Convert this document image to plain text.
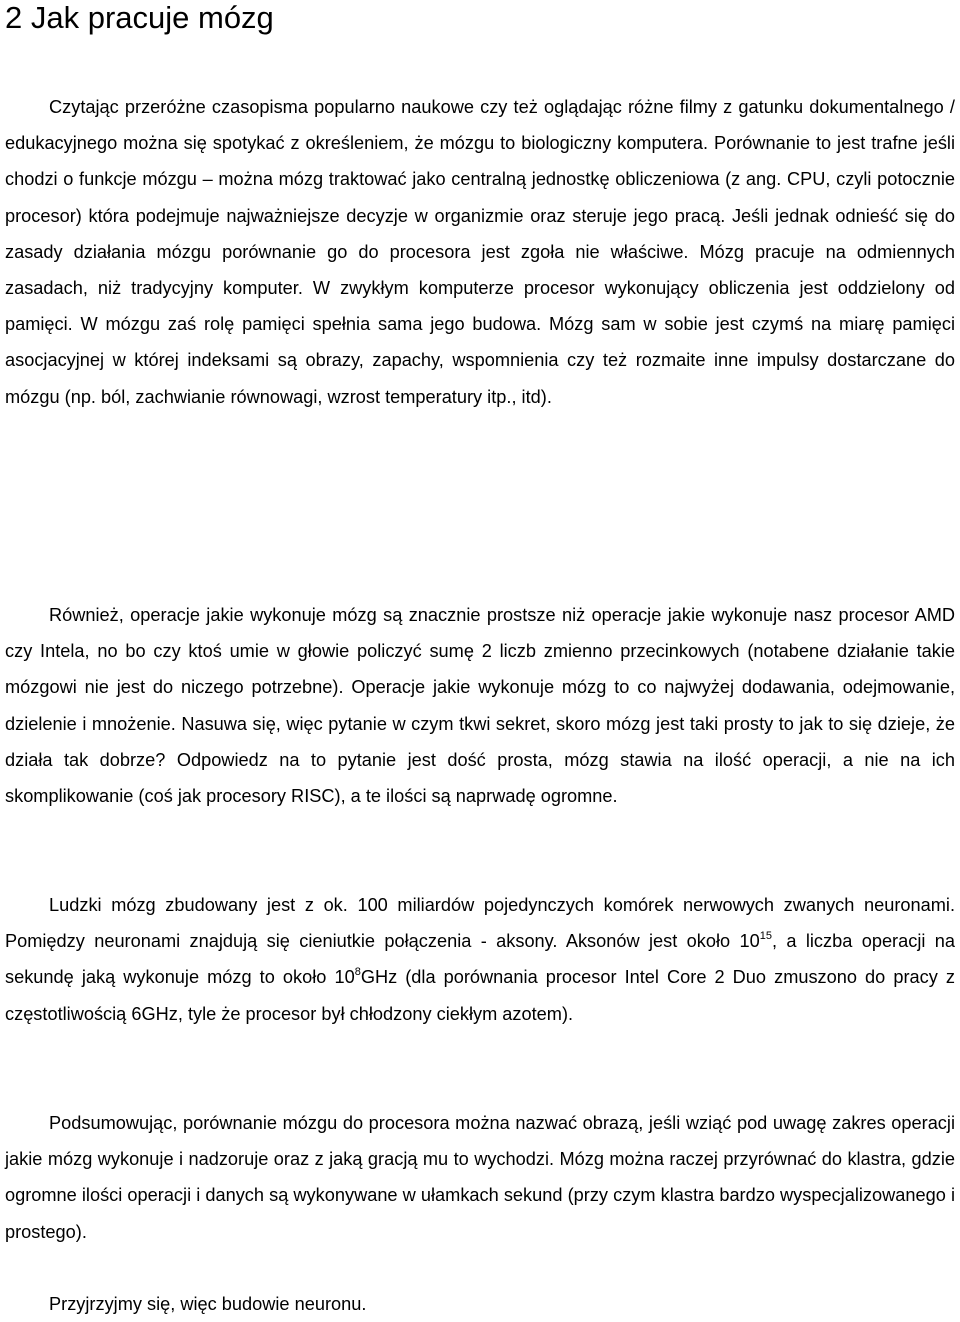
2 Jak pracuje mózg

Czytając przeróżne czasopisma popularno naukowe czy też oglądając różne filmy z gatunku dokumentalnego / edukacyjnego można się spotykać z określeniem, że mózgu to biologiczny komputera. Porównanie to jest trafne jeśli chodzi o funkcje mózgu – można mózg traktować jako centralną jednostkę obliczeniowa (z ang. CPU, czyli potocznie procesor) która podejmuje najważniejsze decyzje w organizmie oraz steruje jego pracą. Jeśli jednak odnieść się do zasady działania mózgu porównanie go do procesora jest zgoła nie właściwe. Mózg pracuje na odmiennych zasadach, niż tradycyjny komputer. W zwykłym komputerze procesor wykonujący obliczenia jest oddzielony od pamięci. W mózgu zaś rolę pamięci spełnia sama jego budowa. Mózg sam w sobie jest czymś na miarę pamięci asocjacyjnej w której indeksami są obrazy, zapachy, wspomnienia czy też rozmaite inne impulsy dostarczane do mózgu (np. ból, zachwianie równowagi, wzrost temperatury itp., itd).

Również, operacje jakie wykonuje mózg są znacznie prostsze niż operacje jakie wykonuje nasz procesor AMD czy Intela, no bo czy ktoś umie w głowie policzyć sumę 2 liczb zmienno przecinkowych (notabene działanie takie mózgowi nie jest do niczego potrzebne). Operacje jakie wykonuje mózg to co najwyżej dodawania, odejmowanie, dzielenie i mnożenie. Nasuwa się, więc pytanie w czym tkwi sekret, skoro mózg jest taki prosty to jak to się dzieje, że działa tak dobrze? Odpowiedz na to pytanie jest dość prosta, mózg stawia na ilość operacji, a nie na ich skomplikowanie (coś jak procesory RISC), a te ilości są naprwadę ogromne.

Ludzki mózg zbudowany jest z ok. 100 miliardów pojedynczych komórek nerwowych zwanych neuronami. Pomiędzy neuronami znajdują się cieniutkie połączenia - aksony. Aksonów jest około $10^{15}$, a liczba operacji na sekundę jaką wykonuje mózg to około $10^8GHz$ (dla porównania procesor Intel Core 2 Duo zmuszono do pracy z częstotliwością 6GHz, tyle że procesor był chłodzony ciekłym azotem).

Podsumowując, porównanie mózgu do procesora można nazwać obrazą, jeśli wziąć pod uwagę zakres operacji jakie mózg wykonuje i nadzoruje oraz z jaką gracją mu to wychodzi. Mózg można raczej przyrównać do klastra, gdzie ogromne ilości operacji i danych są wykonywane w ułamkach sekund (przy czym klastra bardzo wyspecjalizowanego i prostego).

Przyjrzyjmy się, więc budowie neuronu.
